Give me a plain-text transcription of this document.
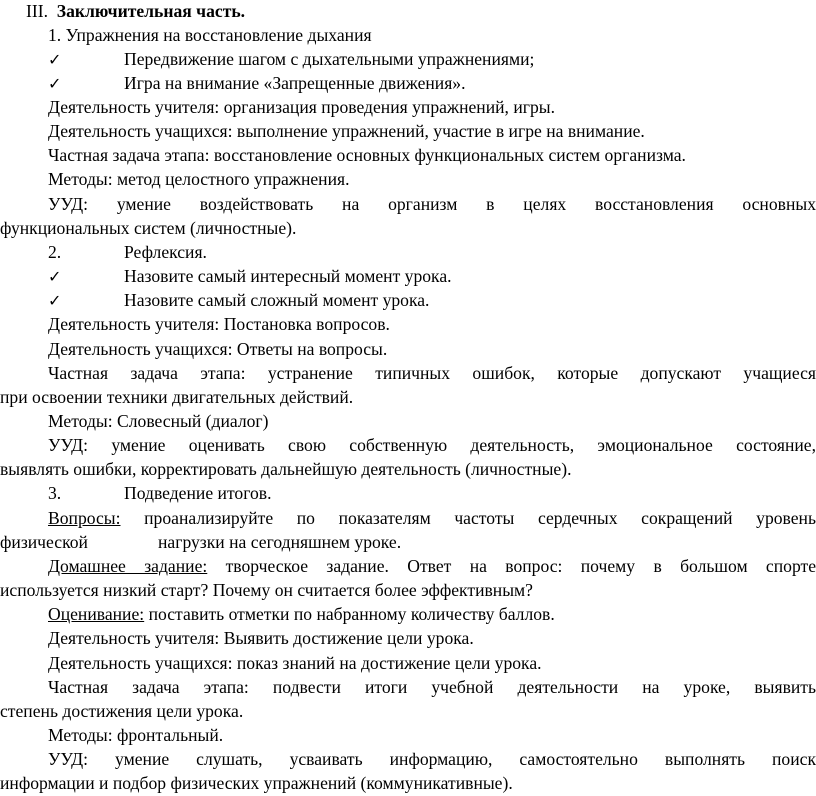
III. Заключительная часть.
1. Упражнения на восстановление дыхания
✓	Передвижение шагом с дыхательными упражнениями;
✓	Игра на внимание «Запрещенные движения».
Деятельность учителя: организация проведения упражнений, игры.
Деятельность учащихся: выполнение упражнений, участие в игре на внимание.
Частная задача этапа: восстановление основных функциональных систем организма.
Методы: метод целостного упражнения.
УУД: умение воздействовать на организм в целях восстановления основных
функциональных систем (личностные).
2.	Рефлексия.
✓	Назовите самый интересный момент урока.
✓	Назовите самый сложный момент урока.
Деятельность учителя: Постановка вопросов.
Деятельность учащихся: Ответы на вопросы.
Частная задача этапа: устранение типичных ошибок, которые допускают учащиеся
при освоении техники двигательных действий.
Методы: Словесный (диалог)
УУД: умение оценивать свою собственную деятельность, эмоциональное состояние,
выявлять ошибки, корректировать дальнейшую деятельность (личностные).
3.	Подведение итогов.
Вопросы: проанализируйте по показателям частоты сердечных сокращений уровень
физической	нагрузки на сегодняшнем уроке.
Домашнее задание: творческое задание. Ответ на вопрос: почему в большом спорте
используется низкий старт? Почему он считается более эффективным?
Оценивание: поставить отметки по набранному количеству баллов.
Деятельность учителя: Выявить достижение цели урока.
Деятельность учащихся: показ знаний на достижение цели урока.
Частная задача этапа: подвести итоги учебной деятельности на уроке, выявить
степень достижения цели урока.
Методы: фронтальный.
УУД: умение слушать, усваивать информацию, самостоятельно выполнять поиск
информации и подбор физических упражнений (коммуникативные).
